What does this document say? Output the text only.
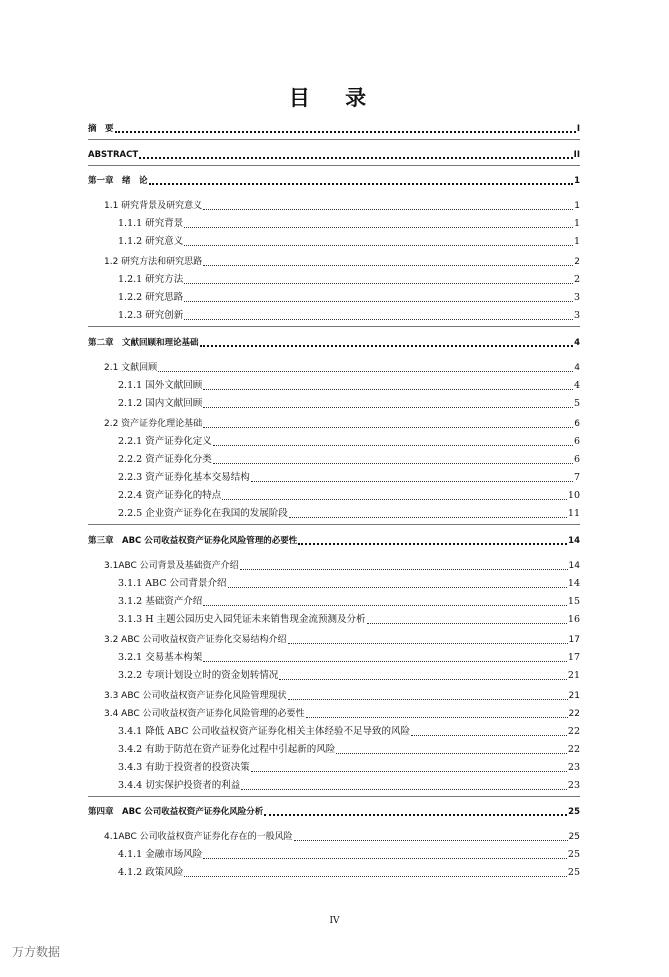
目 录
摘　要	I
ABSTRACT	II
第一章　绪　论	1
1.1 研究背景及研究意义	1
1.1.1 研究背景	1
1.1.2 研究意义	1
1.2 研究方法和研究思路	2
1.2.1 研究方法	2
1.2.2 研究思路	3
1.2.3 研究创新	3
第二章　文献回顾和理论基础	4
2.1 文献回顾	4
2.1.1 国外文献回顾	4
2.1.2 国内文献回顾	5
2.2 资产证券化理论基础	6
2.2.1 资产证券化定义	6
2.2.2 资产证券化分类	6
2.2.3 资产证券化基本交易结构	7
2.2.4 资产证券化的特点	10
2.2.5 企业资产证券化在我国的发展阶段	11
第三章　ABC 公司收益权资产证券化风险管理的必要性	14
3.1ABC 公司背景及基础资产介绍	14
3.1.1 ABC 公司背景介绍	14
3.1.2 基础资产介绍	15
3.1.3 H 主题公园历史入园凭证未来销售现金流预测及分析	16
3.2 ABC 公司收益权资产证券化交易结构介绍	17
3.2.1 交易基本构架	17
3.2.2 专项计划设立时的资金划转情况	21
3.3 ABC 公司收益权资产证券化风险管理现状	21
3.4 ABC 公司收益权资产证券化风险管理的必要性	22
3.4.1 降低 ABC 公司收益权资产证券化相关主体经验不足导致的风险	22
3.4.2 有助于防范在资产证券化过程中引起新的风险	22
3.4.3 有助于投资者的投资决策	23
3.4.4 切实保护投资者的利益	23
第四章　ABC 公司收益权资产证券化风险分析	25
4.1ABC 公司收益权资产证券化存在的一般风险	25
4.1.1 金融市场风险	25
4.1.2 政策风险	25
IV
万方数据
